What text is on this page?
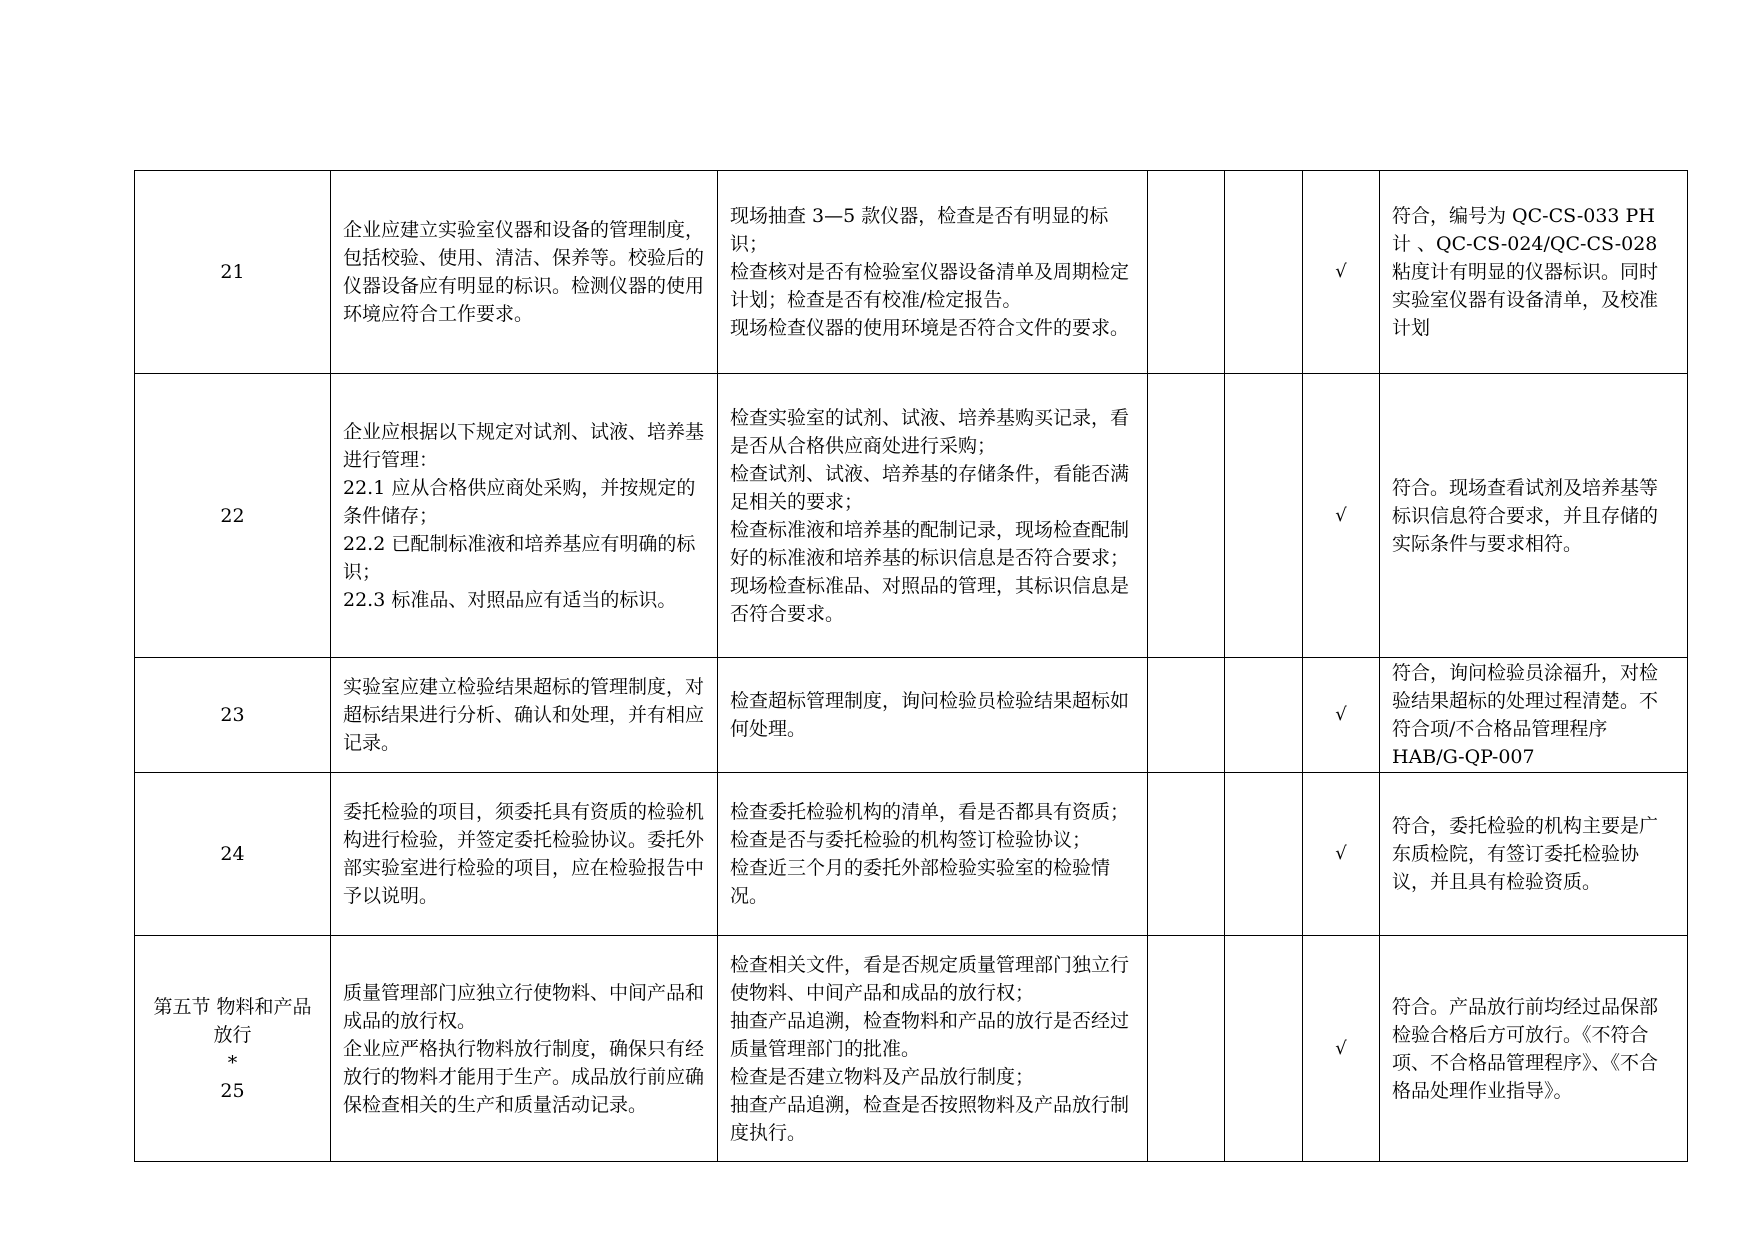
21	企业应建立实验室仪器和设备的管理制度，包括校验、使用、清洁、保养等。校验后的仪器设备应有明显的标识。检测仪器的使用环境应符合工作要求。	现场抽查 3—5 款仪器，检查是否有明显的标识；
检查核对是否有检验室仪器设备清单及周期检定计划；检查是否有校准/检定报告。
现场检查仪器的使用环境是否符合文件的要求。			√	符合，编号为 QC-CS-033 PH 计 、QC-CS-024/QC-CS-028 粘度计有明显的仪器标识。同时实验室仪器有设备清单，及校准计划

22	企业应根据以下规定对试剂、试液、培养基进行管理：
22.1 应从合格供应商处采购，并按规定的条件储存；
22.2 已配制标准液和培养基应有明确的标识；
22.3 标准品、对照品应有适当的标识。	检查实验室的试剂、试液、培养基购买记录，看是否从合格供应商处进行采购；
检查试剂、试液、培养基的存储条件，看能否满足相关的要求；
检查标准液和培养基的配制记录，现场检查配制好的标准液和培养基的标识信息是否符合要求；
现场检查标准品、对照品的管理，其标识信息是否符合要求。			√	符合。现场查看试剂及培养基等标识信息符合要求，并且存储的实际条件与要求相符。

23	实验室应建立检验结果超标的管理制度，对超标结果进行分析、确认和处理，并有相应记录。	检查超标管理制度，询问检验员检验结果超标如何处理。			√	符合，询问检验员涂福升，对检验结果超标的处理过程清楚。不符合项/不合格品管理程序 HAB/G-QP-007

24	委托检验的项目，须委托具有资质的检验机构进行检验，并签定委托检验协议。委托外部实验室进行检验的项目，应在检验报告中予以说明。	检查委托检验机构的清单，看是否都具有资质；
检查是否与委托检验的机构签订检验协议；
检查近三个月的委托外部检验实验室的检验情况。			√	符合，委托检验的机构主要是广东质检院，有签订委托检验协议，并且具有检验资质。

第五节 物料和产品放行
*
25	质量管理部门应独立行使物料、中间产品和成品的放行权。
企业应严格执行物料放行制度，确保只有经放行的物料才能用于生产。成品放行前应确保检查相关的生产和质量活动记录。	检查相关文件，看是否规定质量管理部门独立行使物料、中间产品和成品的放行权；
抽查产品追溯，检查物料和产品的放行是否经过质量管理部门的批准。
检查是否建立物料及产品放行制度；
抽查产品追溯，检查是否按照物料及产品放行制度执行。			√	符合。产品放行前均经过品保部检验合格后方可放行。《不符合项、不合格品管理程序》、《不合格品处理作业指导》。
